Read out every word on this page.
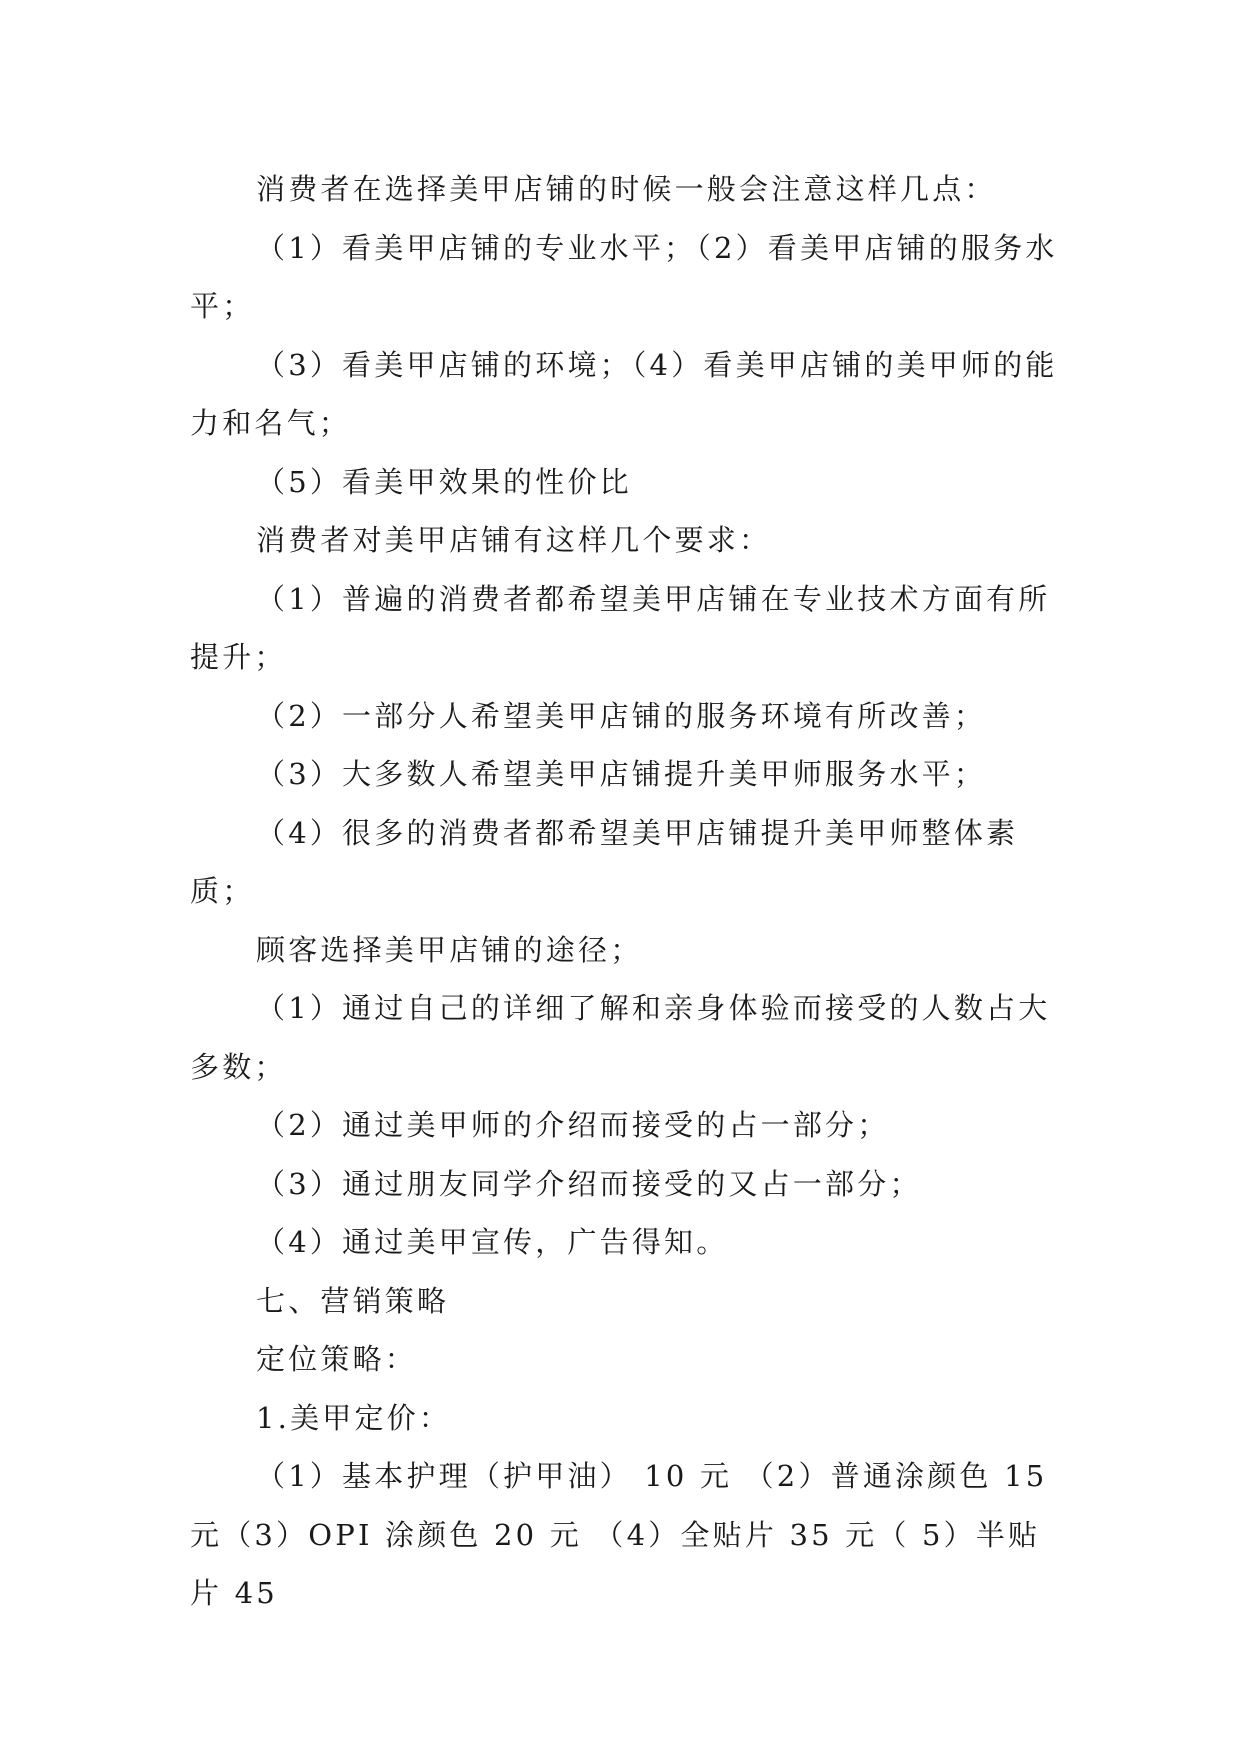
消费者在选择美甲店铺的时候一般会注意这样几点：

（1）看美甲店铺的专业水平；（2）看美甲店铺的服务水平；

（3）看美甲店铺的环境；（4）看美甲店铺的美甲师的能力和名气；

（5）看美甲效果的性价比

消费者对美甲店铺有这样几个要求：

（1）普遍的消费者都希望美甲店铺在专业技术方面有所提升；

（2）一部分人希望美甲店铺的服务环境有所改善；

（3）大多数人希望美甲店铺提升美甲师服务水平；

（4）很多的消费者都希望美甲店铺提升美甲师整体素质；

顾客选择美甲店铺的途径；

（1）通过自己的详细了解和亲身体验而接受的人数占大多数；

（2）通过美甲师的介绍而接受的占一部分；

（3）通过朋友同学介绍而接受的又占一部分；

（4）通过美甲宣传，广告得知。

七、营销策略

定位策略：

1.美甲定价：

（1）基本护理（护甲油） 10 元 （2）普通涂颜色 15 元（3）OPI 涂颜色 20 元 （4）全贴片 35 元（ 5）半贴片 45
